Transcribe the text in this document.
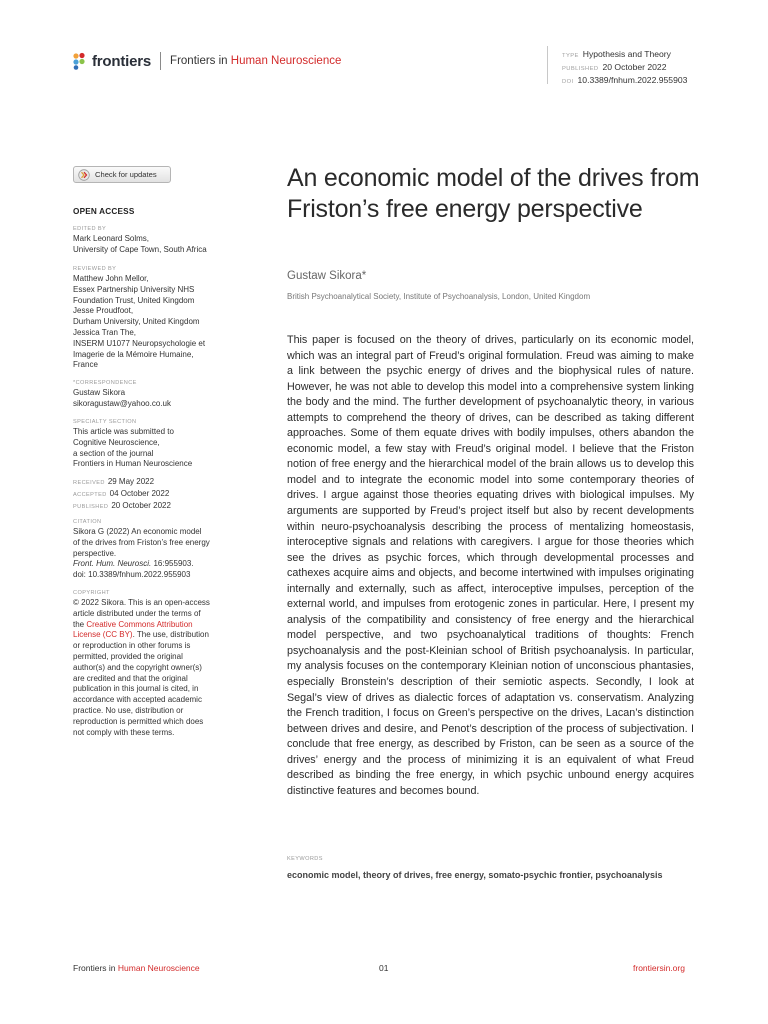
frontiers Frontiers in Human Neuroscience	TYPE Hypothesis and Theory
PUBLISHED 20 October 2022
DOI 10.3389/fnhum.2022.955903
Check for updates
OPEN ACCESS
EDITED BY
Mark Leonard Solms,
University of Cape Town, South Africa
REVIEWED BY
Matthew John Mellor,
Essex Partnership University NHS
Foundation Trust, United Kingdom
Jesse Proudfoot,
Durham University, United Kingdom
Jessica Tran The,
INSERM U1077 Neuropsychologie et
Imagerie de la Mémoire Humaine,
France
*CORRESPONDENCE
Gustaw Sikora
sikoragustaw@yahoo.co.uk
SPECIALTY SECTION
This article was submitted to
Cognitive Neuroscience,
a section of the journal
Frontiers in Human Neuroscience
RECEIVED 29 May 2022
ACCEPTED 04 October 2022
PUBLISHED 20 October 2022
CITATION
Sikora G (2022) An economic model
of the drives from Friston’s free energy
perspective.
Front. Hum. Neurosci. 16:955903.
doi: 10.3389/fnhum.2022.955903
COPYRIGHT
© 2022 Sikora. This is an open-access
article distributed under the terms of
the Creative Commons Attribution
License (CC BY). The use, distribution
or reproduction in other forums is
permitted, provided the original
author(s) and the copyright owner(s)
are credited and that the original
publication in this journal is cited, in
accordance with accepted academic
practice. No use, distribution or
reproduction is permitted which does
not comply with these terms.
An economic model of the drives from Friston’s free energy perspective
Gustaw Sikora*
British Psychoanalytical Society, Institute of Psychoanalysis, London, United Kingdom
This paper is focused on the theory of drives, particularly on its economic model, which was an integral part of Freud’s original formulation. Freud was aiming to make a link between the psychic energy of drives and the biophysical rules of nature. However, he was not able to develop this model into a comprehensive system linking the body and the mind. The further development of psychoanalytic theory, in various attempts to comprehend the theory of drives, can be described as taking different approaches. Some of them equate drives with bodily impulses, others abandon the economic model, a few stay with Freud’s original model. I believe that the Friston notion of free energy and the hierarchical model of the brain allows us to develop this model and to integrate the economic model into some contemporary theories of drives. I argue against those theories equating drives with biological impulses. My arguments are supported by Freud’s project itself but also by recent developments within neuro-psychoanalysis describing the process of mentalizing homeostasis, interoceptive signals and relations with caregivers. I argue for those theories which see the drives as psychic forces, which through developmental processes and cathexes acquire aims and objects, and become intertwined with impulses originating internally and externally, such as affect, interoceptive impulses, perception of the external world, and impulses from erotogenic zones in particular. Here, I present my analysis of the compatibility and consistency of free energy and the hierarchical model perspective, and two psychoanalytical traditions of thoughts: French psychoanalysis and the post-Kleinian school of British psychoanalysis. In particular, my analysis focuses on the contemporary Kleinian notion of unconscious phantasies, especially Bronstein’s description of their semiotic aspects. Secondly, I look at Segal’s view of drives as dialectic forces of adaptation vs. conservatism. Analyzing the French tradition, I focus on Green’s perspective on the drives, Lacan’s distinction between drives and desire, and Penot’s description of the process of subjectivation. I conclude that free energy, as described by Friston, can be seen as a source of the drives’ energy and the process of minimizing it is an equivalent of what Freud described as binding the free energy, in which psychic unbound energy acquires distinctive features and becomes bound.
KEYWORDS
economic model, theory of drives, free energy, somato-psychic frontier, psychoanalysis
Frontiers in Human Neuroscience	01	frontiersin.org
